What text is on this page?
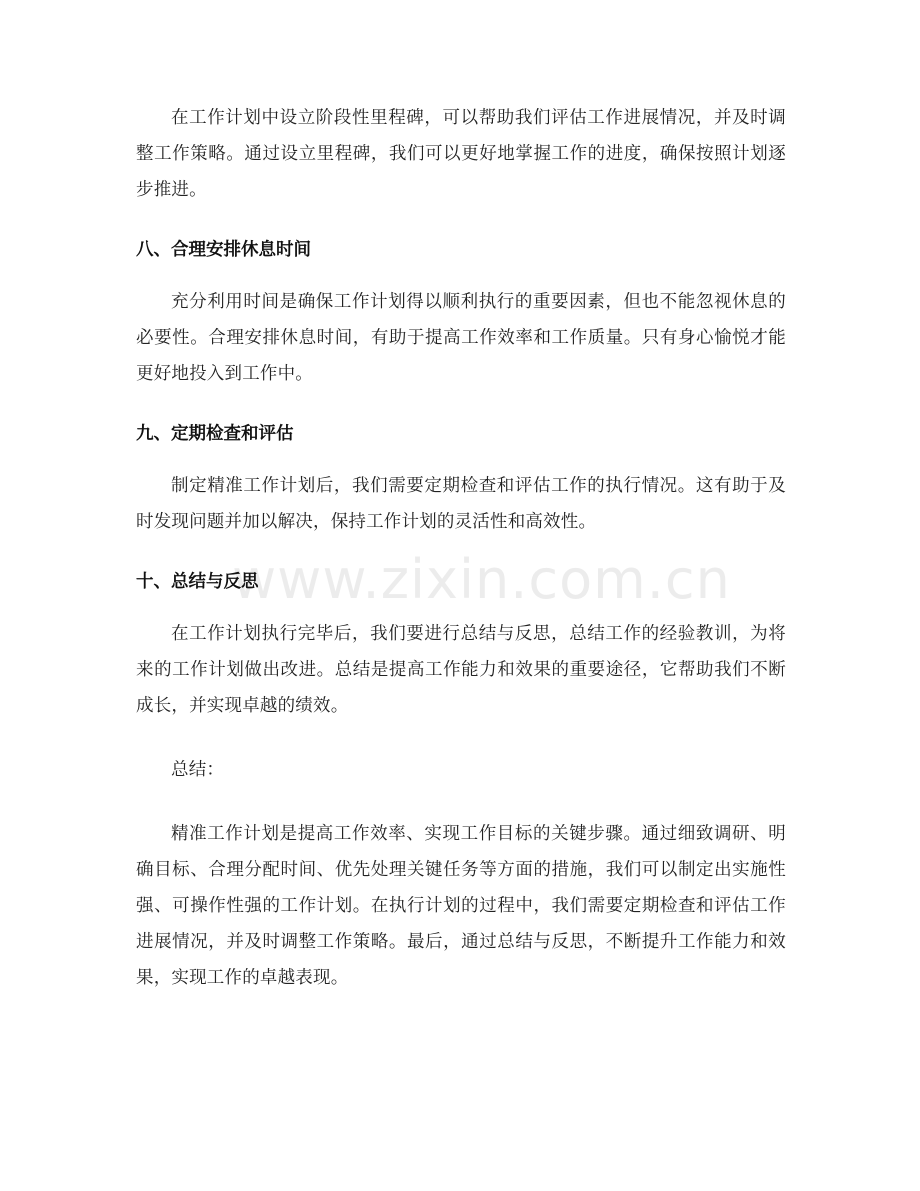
www.zixin.com.cn

在工作计划中设立阶段性里程碑，可以帮助我们评估工作进展情况，并及时调整工作策略。通过设立里程碑，我们可以更好地掌握工作的进度，确保按照计划逐步推进。

八、合理安排休息时间

充分利用时间是确保工作计划得以顺利执行的重要因素，但也不能忽视休息的必要性。合理安排休息时间，有助于提高工作效率和工作质量。只有身心愉悦才能更好地投入到工作中。

九、定期检查和评估

制定精准工作计划后，我们需要定期检查和评估工作的执行情况。这有助于及时发现问题并加以解决，保持工作计划的灵活性和高效性。

十、总结与反思

在工作计划执行完毕后，我们要进行总结与反思，总结工作的经验教训，为将来的工作计划做出改进。总结是提高工作能力和效果的重要途径，它帮助我们不断成长，并实现卓越的绩效。

总结：

精准工作计划是提高工作效率、实现工作目标的关键步骤。通过细致调研、明确目标、合理分配时间、优先处理关键任务等方面的措施，我们可以制定出实施性强、可操作性强的工作计划。在执行计划的过程中，我们需要定期检查和评估工作进展情况，并及时调整工作策略。最后，通过总结与反思，不断提升工作能力和效果，实现工作的卓越表现。
